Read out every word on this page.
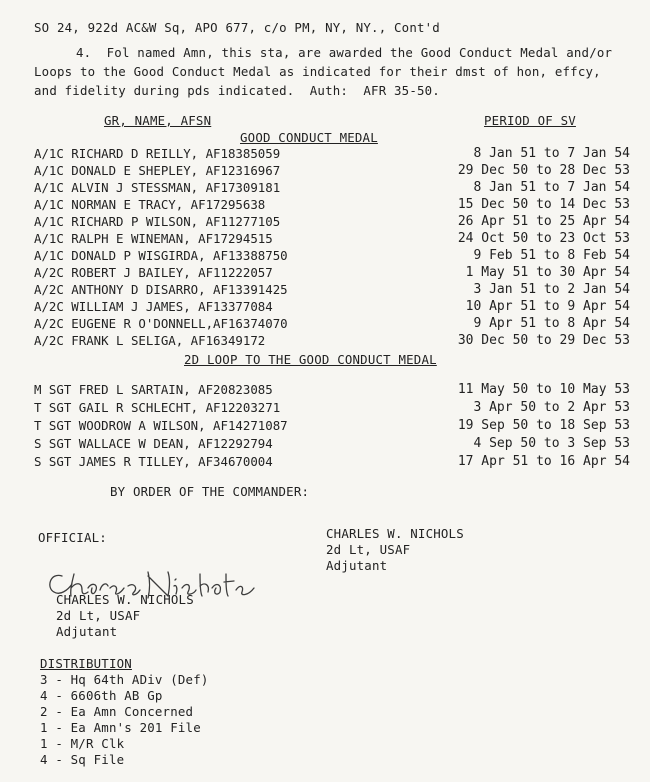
SO 24, 922d AC&W Sq, APO 677, c/o PM, NY, NY., Cont'd
4.  Fol named Amn, this sta, are awarded the Good Conduct Medal and/or
Loops to the Good Conduct Medal as indicated for their dmst of hon, effcy,
and fidelity during pds indicated.  Auth:  AFR 35-50.
GR, NAME, AFSN	PERIOD OF SV
GOOD CONDUCT MEDAL
A/1C RICHARD D REILLY, AF18385059	8 Jan 51 to 7 Jan 54
A/1C DONALD E SHEPLEY, AF12316967	29 Dec 50 to 28 Dec 53
A/1C ALVIN J STESSMAN, AF17309181	8 Jan 51 to 7 Jan 54
A/1C NORMAN E TRACY, AF17295638	15 Dec 50 to 14 Dec 53
A/1C RICHARD P WILSON, AF11277105	26 Apr 51 to 25 Apr 54
A/1C RALPH E WINEMAN, AF17294515	24 Oct 50 to 23 Oct 53
A/1C DONALD P WISGIRDA, AF13388750	9 Feb 51 to 8 Feb 54
A/2C ROBERT J BAILEY, AF11222057	1 May 51 to 30 Apr 54
A/2C ANTHONY D DISARRO, AF13391425	3 Jan 51 to 2 Jan 54
A/2C WILLIAM J JAMES, AF13377084	10 Apr 51 to 9 Apr 54
A/2C EUGENE R O'DONNELL,AF16374070	9 Apr 51 to 8 Apr 54
A/2C FRANK L SELIGA, AF16349172	30 Dec 50 to 29 Dec 53
2D LOOP TO THE GOOD CONDUCT MEDAL
M SGT FRED L SARTAIN, AF20823085	11 May 50 to 10 May 53
T SGT GAIL R SCHLECHT, AF12203271	3 Apr 50 to 2 Apr 53
T SGT WOODROW A WILSON, AF14271087	19 Sep 50 to 18 Sep 53
S SGT WALLACE W DEAN, AF12292794	4 Sep 50 to 3 Sep 53
S SGT JAMES R TILLEY, AF34670004	17 Apr 51 to 16 Apr 54
BY ORDER OF THE COMMANDER:
OFFICIAL:	CHARLES W. NICHOLS
2d Lt, USAF
Adjutant
CHARLES W. NICHOLS
2d Lt, USAF
Adjutant
DISTRIBUTION
3 - Hq 64th ADiv (Def)
4 - 6606th AB Gp
2 - Ea Amn Concerned
1 - Ea Amn's 201 File
1 - M/R Clk
4 - Sq File
